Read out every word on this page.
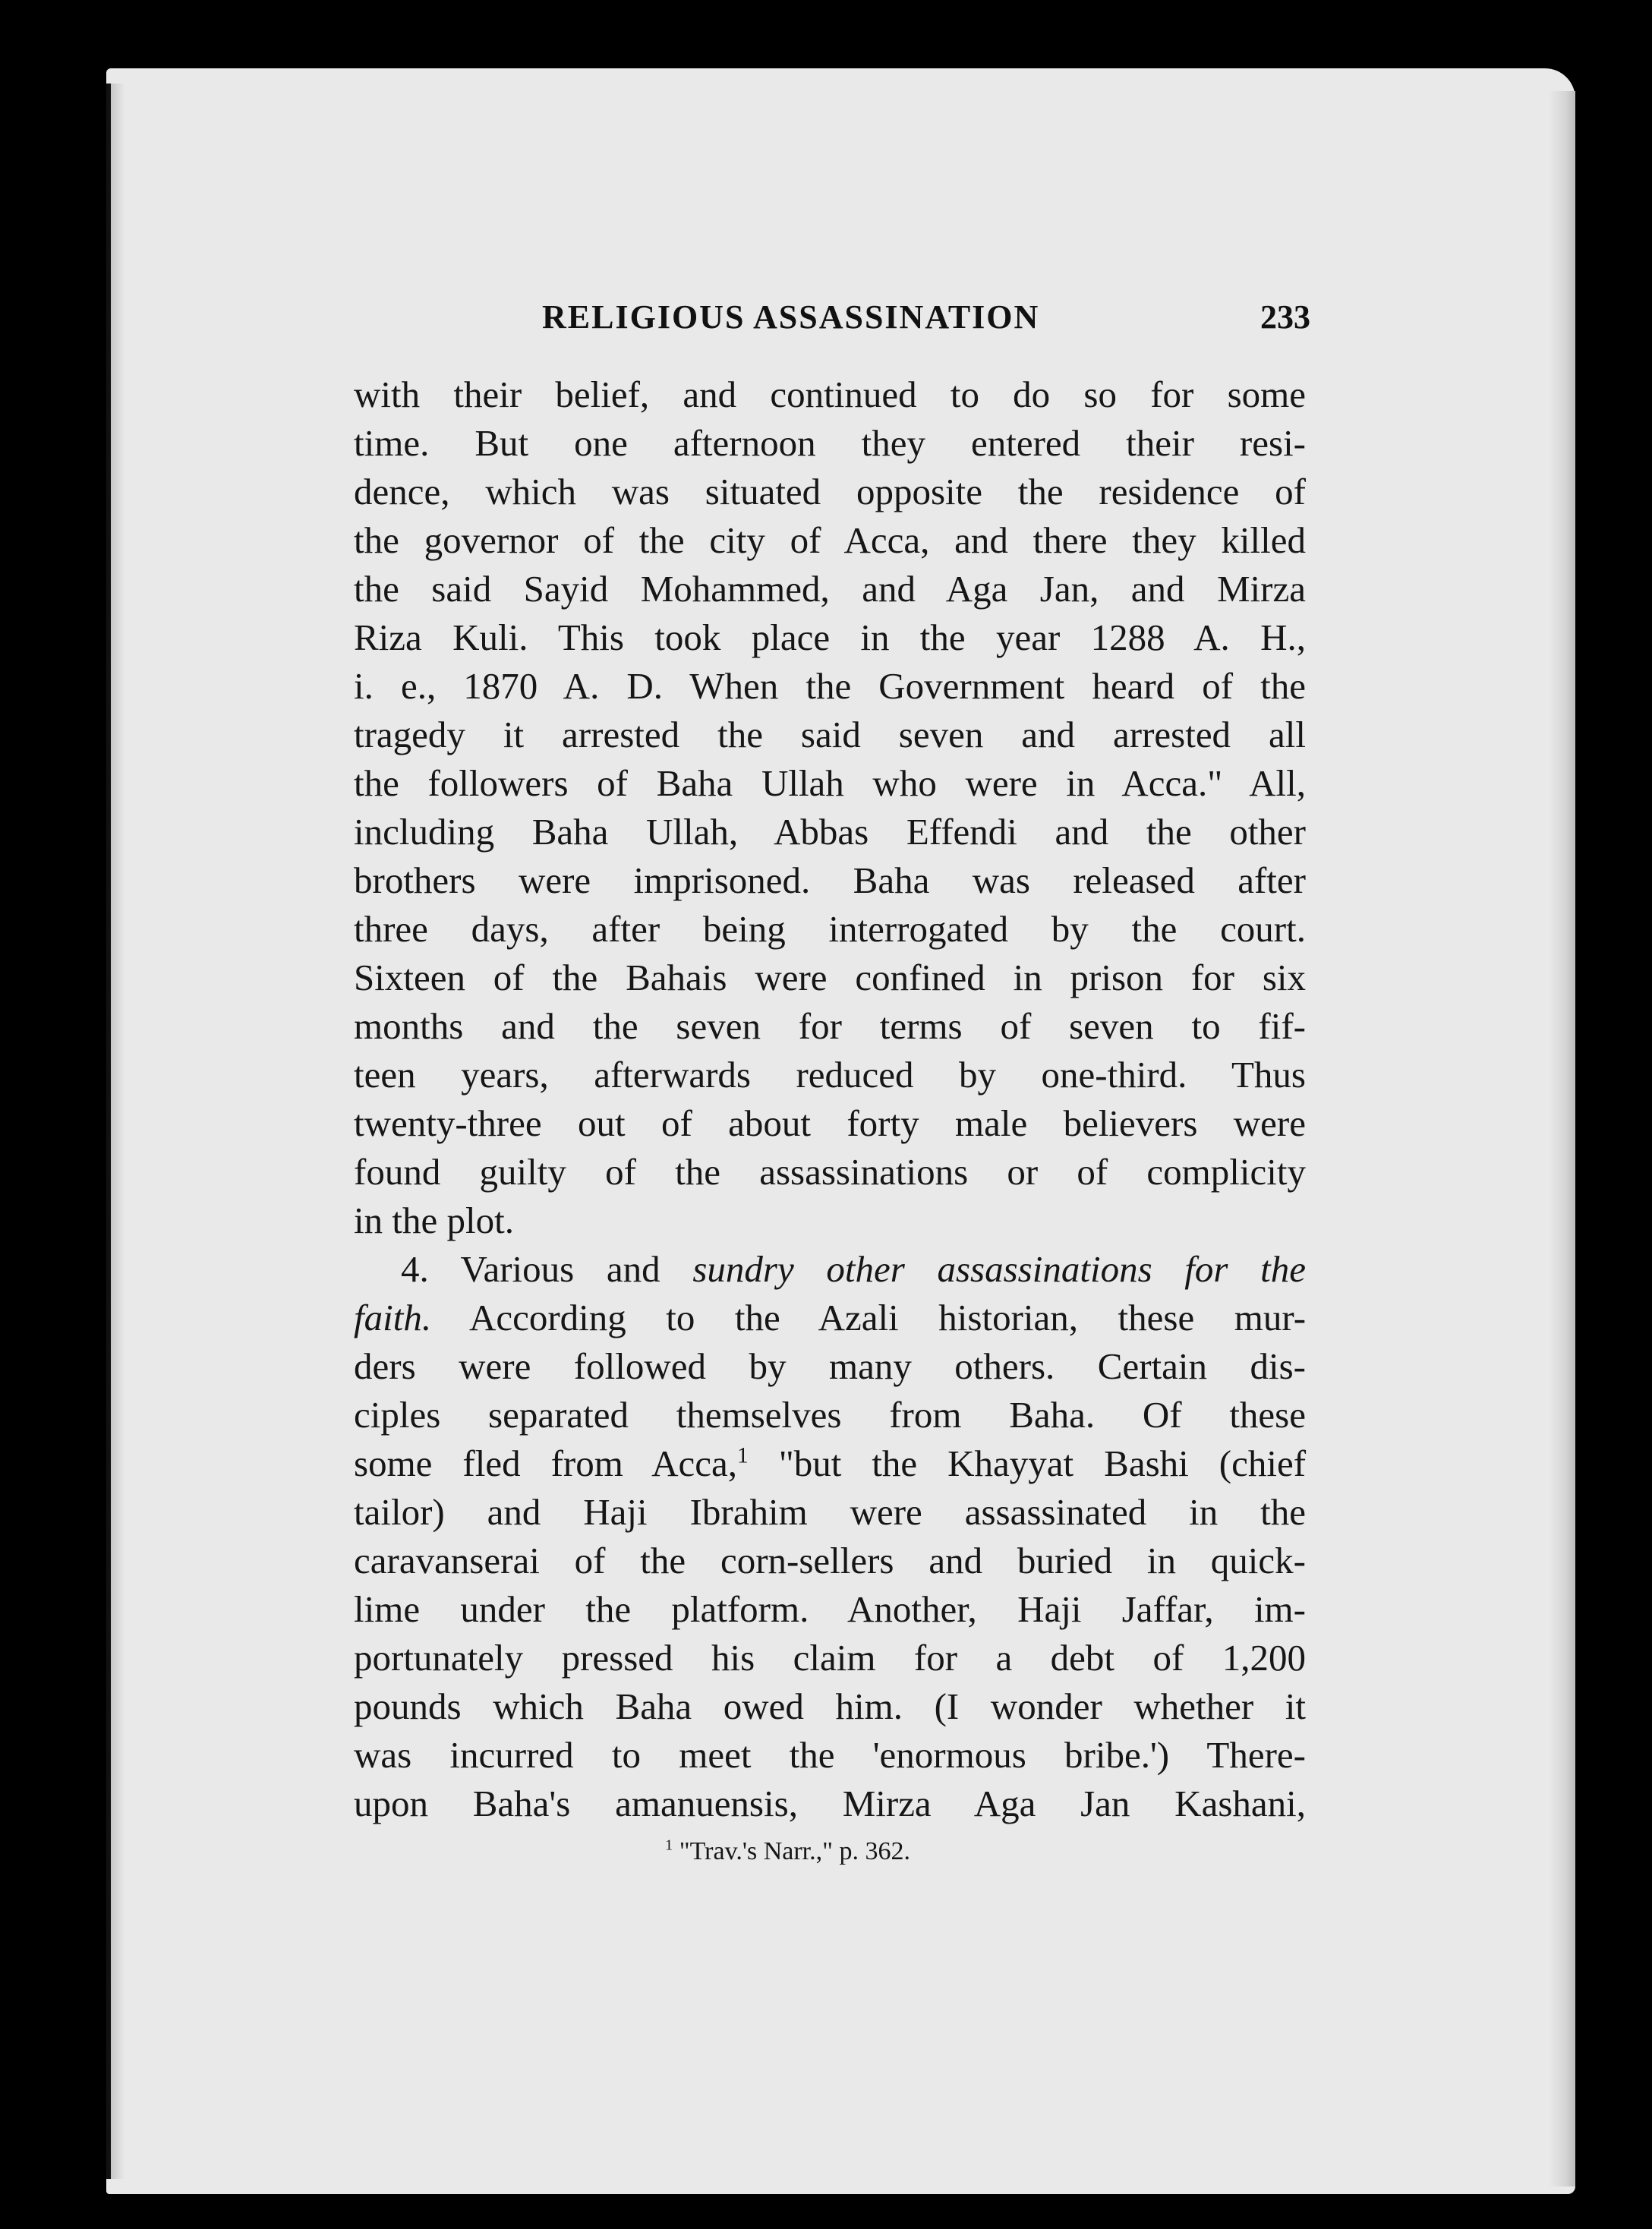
RELIGIOUS ASSASSINATION	233
with their belief, and continued to do so for some
time. But one afternoon they entered their resi-
dence, which was situated opposite the residence of
the governor of the city of Acca, and there they killed
the said Sayid Mohammed, and Aga Jan, and Mirza
Riza Kuli. This took place in the year 1288 A. H.,
i. e., 1870 A. D. When the Government heard of the
tragedy it arrested the said seven and arrested all
the followers of Baha Ullah who were in Acca." All,
including Baha Ullah, Abbas Effendi and the other
brothers were imprisoned. Baha was released after
three days, after being interrogated by the court.
Sixteen of the Bahais were confined in prison for six
months and the seven for terms of seven to fif-
teen years, afterwards reduced by one-third. Thus
twenty-three out of about forty male believers were
found guilty of the assassinations or of complicity
in the plot.
4. Various and sundry other assassinations for the
faith. According to the Azali historian, these mur-
ders were followed by many others. Certain dis-
ciples separated themselves from Baha. Of these
some fled from Acca,$^1$ "but the Khayyat Bashi (chief
tailor) and Haji Ibrahim were assassinated in the
caravanserai of the corn-sellers and buried in quick-
lime under the platform. Another, Haji Jaffar, im-
portunately pressed his claim for a debt of 1,200
pounds which Baha owed him. (I wonder whether it
was incurred to meet the 'enormous bribe.') There-
upon Baha's amanuensis, Mirza Aga Jan Kashani,
$^1$ "Trav.'s Narr.," p. 362.
